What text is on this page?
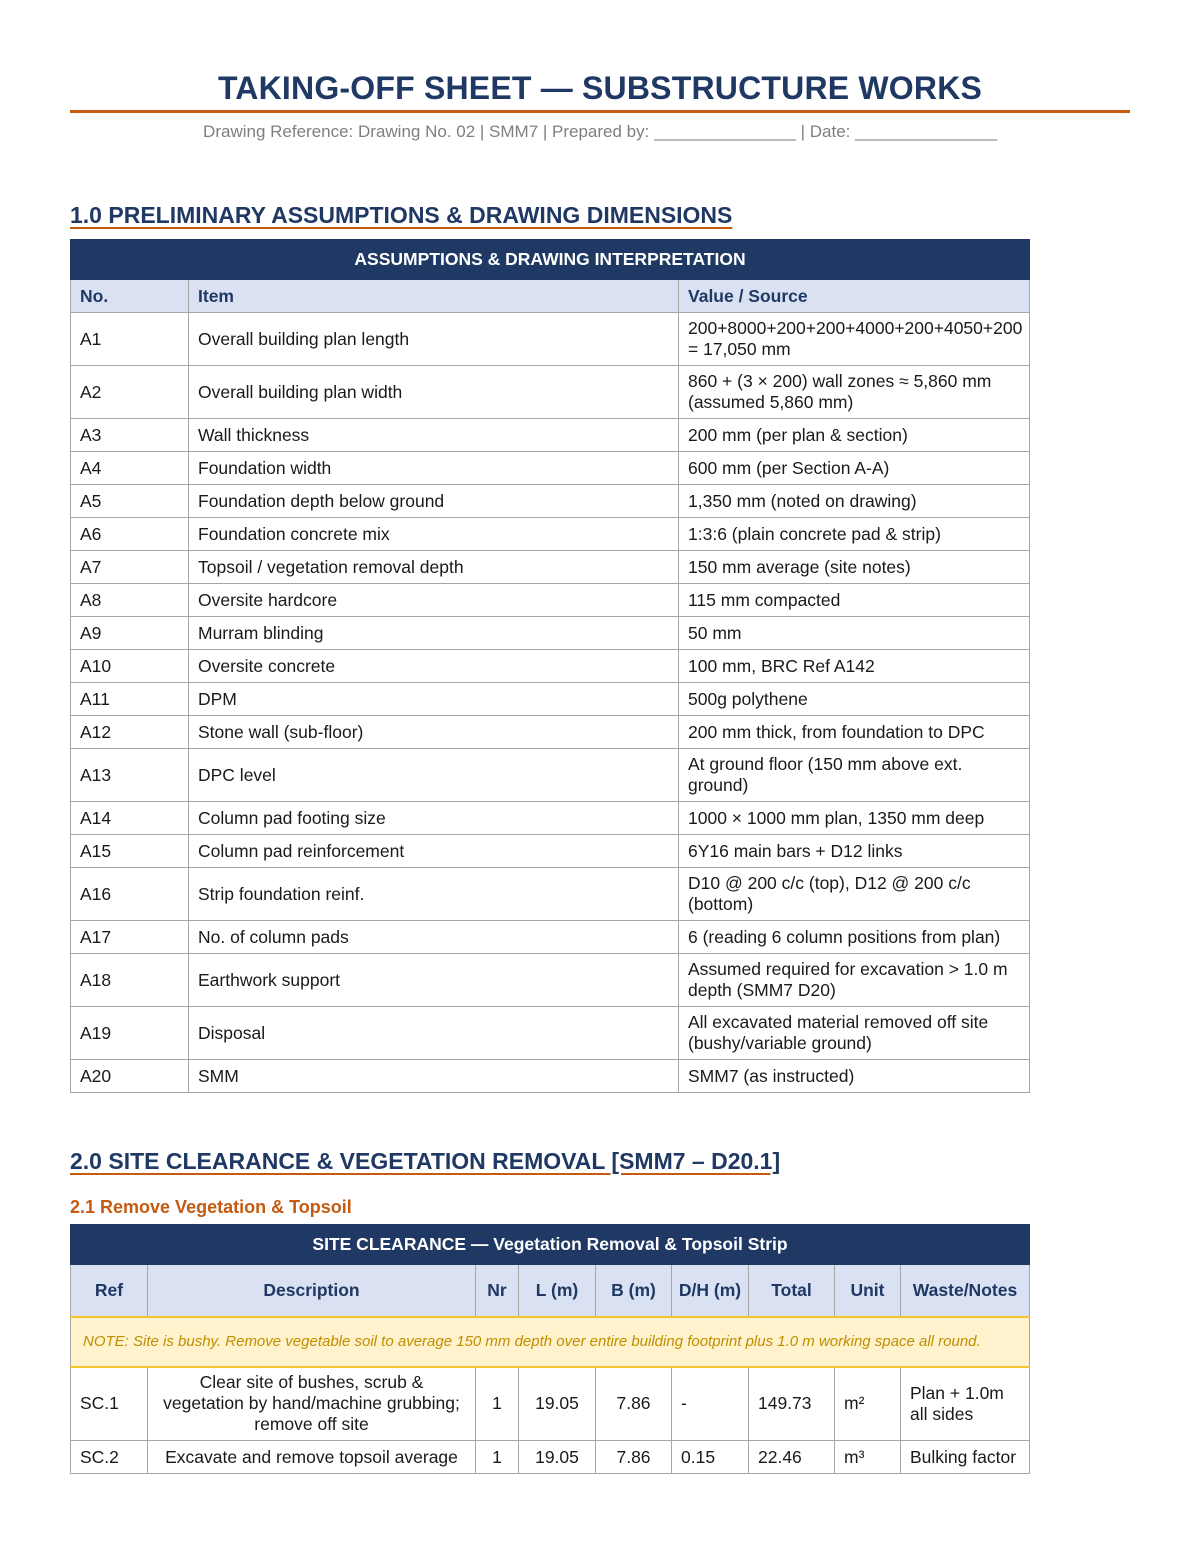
TAKING-OFF SHEET — SUBSTRUCTURE WORKS
Drawing Reference: Drawing No. 02 | SMM7 | Prepared by: _______________ | Date: _______________
1.0 PRELIMINARY ASSUMPTIONS & DRAWING DIMENSIONS
ASSUMPTIONS & DRAWING INTERPRETATION		
No.	Item	Value / Source
A1	Overall building plan length	200+8000+200+200+4000+200+4050+200 = 17,050 mm
A2	Overall building plan width	860 + (3 × 200) wall zones ≈ 5,860 mm (assumed 5,860 mm)
A3	Wall thickness	200 mm (per plan & section)
A4	Foundation width	600 mm (per Section A-A)
A5	Foundation depth below ground	1,350 mm (noted on drawing)
A6	Foundation concrete mix	1:3:6 (plain concrete pad & strip)
A7	Topsoil / vegetation removal depth	150 mm average (site notes)
A8	Oversite hardcore	115 mm compacted
A9	Murram blinding	50 mm
A10	Oversite concrete	100 mm, BRC Ref A142
A11	DPM	500g polythene
A12	Stone wall (sub-floor)	200 mm thick, from foundation to DPC
A13	DPC level	At ground floor (150 mm above ext. ground)
A14	Column pad footing size	1000 × 1000 mm plan, 1350 mm deep
A15	Column pad reinforcement	6Y16 main bars + D12 links
A16	Strip foundation reinf.	D10 @ 200 c/c (top), D12 @ 200 c/c (bottom)
A17	No. of column pads	6 (reading 6 column positions from plan)
A18	Earthwork support	Assumed required for excavation > 1.0 m depth (SMM7 D20)
A19	Disposal	All excavated material removed off site (bushy/variable ground)
A20	SMM	SMM7 (as instructed)
2.0 SITE CLEARANCE & VEGETATION REMOVAL [SMM7 – D20.1]
2.1 Remove Vegetation & Topsoil
SITE CLEARANCE — Vegetation Removal & Topsoil Strip								
Ref	Description	Nr	L (m)	B (m)	D/H (m)	Total	Unit	Waste/Notes
NOTE: Site is bushy. Remove vegetable soil to average 150 mm depth over entire building footprint plus 1.0 m working space all round.								
SC.1	Clear site of bushes, scrub & vegetation by hand/machine grubbing; remove off site	1	19.05	7.86	-	149.73	m²	Plan + 1.0m all sides
SC.2	Excavate and remove topsoil average	1	19.05	7.86	0.15	22.46	m³	Bulking factor
